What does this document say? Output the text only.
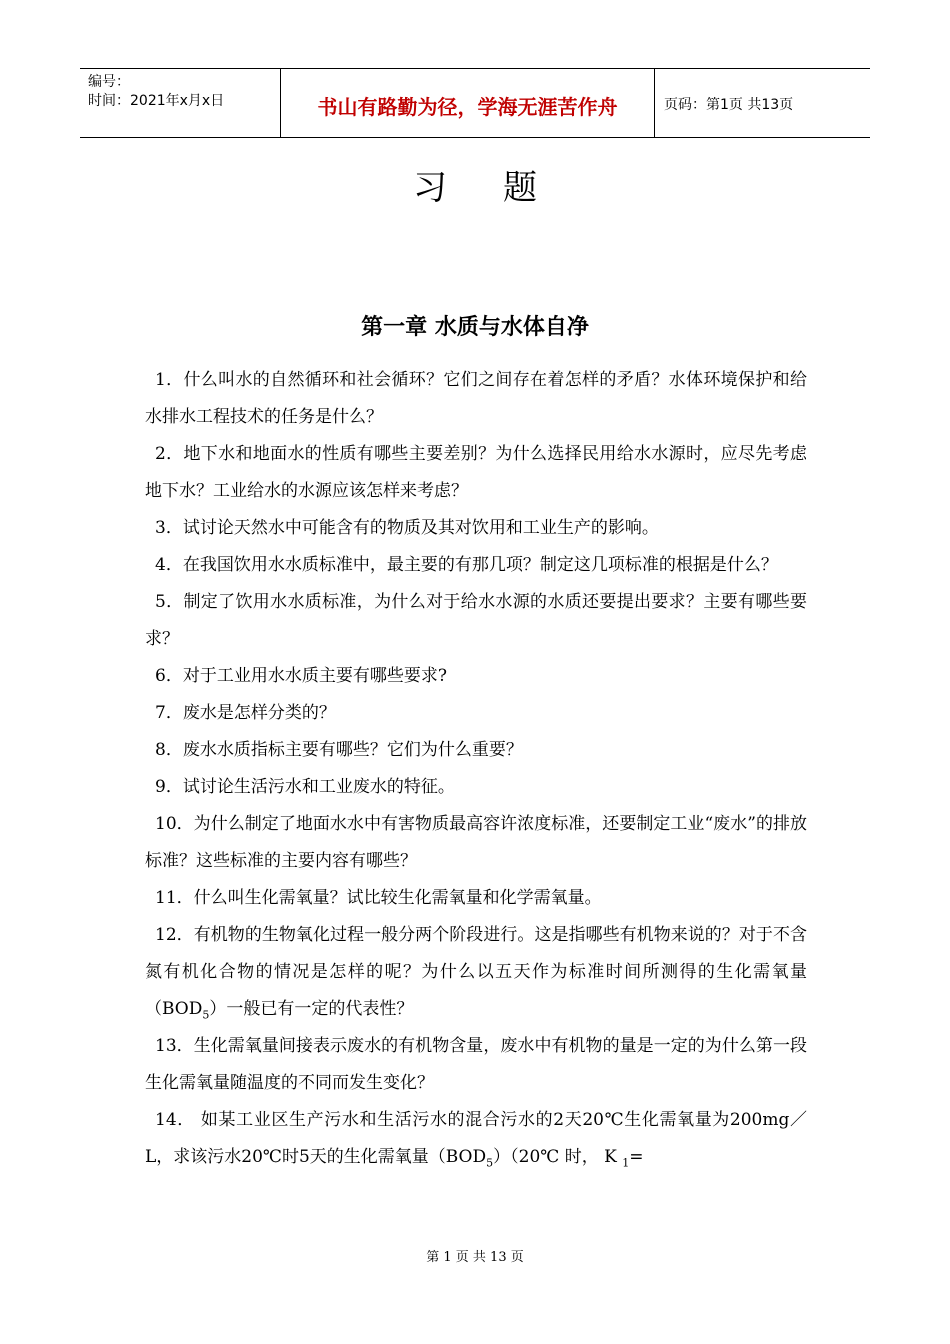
编号：
时间：2021年x月x日	书山有路勤为径，学海无涯苦作舟	页码：第1页 共13页
习题
第一章 水质与水体自净

1．什么叫水的自然循环和社会循环？它们之间存在着怎样的矛盾？水体环境保护和给水排水工程技术的任务是什么？

2．地下水和地面水的性质有哪些主要差别？为什么选择民用给水水源时，应尽先考虑地下水？工业给水的水源应该怎样来考虑？

3．试讨论天然水中可能含有的物质及其对饮用和工业生产的影响。

4．在我国饮用水水质标准中，最主要的有那几项？制定这几项标准的根据是什么？

5．制定了饮用水水质标准，为什么对于给水水源的水质还要提出要求？主要有哪些要求？

6．对于工业用水水质主要有哪些要求?

7．废水是怎样分类的？

8．废水水质指标主要有哪些？它们为什么重要？

9．试讨论生活污水和工业废水的特征。

10．为什么制定了地面水水中有害物质最高容许浓度标准，还要制定工业“废水”的排放标准？这些标准的主要内容有哪些？

11．什么叫生化需氧量？试比较生化需氧量和化学需氧量。

12．有机物的生物氧化过程一般分两个阶段进行。这是指哪些有机物来说的？对于不含氮有机化合物的情况是怎样的呢？为什么以五天作为标准时间所测得的生化需氧量$(BOD_5)$一般已有一定的代表性？

13．生化需氧量间接表示废水的有机物含量，废水中有机物的量是一定的为什么第一段生化需氧量随温度的不同而发生变化？

14． 如某工业区生产污水和生活污水的混合污水的2天20℃生化需氧量为200mg／L，求该污水20℃时5天的生化需氧量$(BOD_5)(20℃$ 时， K $_1$=

第 1 页 共 13 页
